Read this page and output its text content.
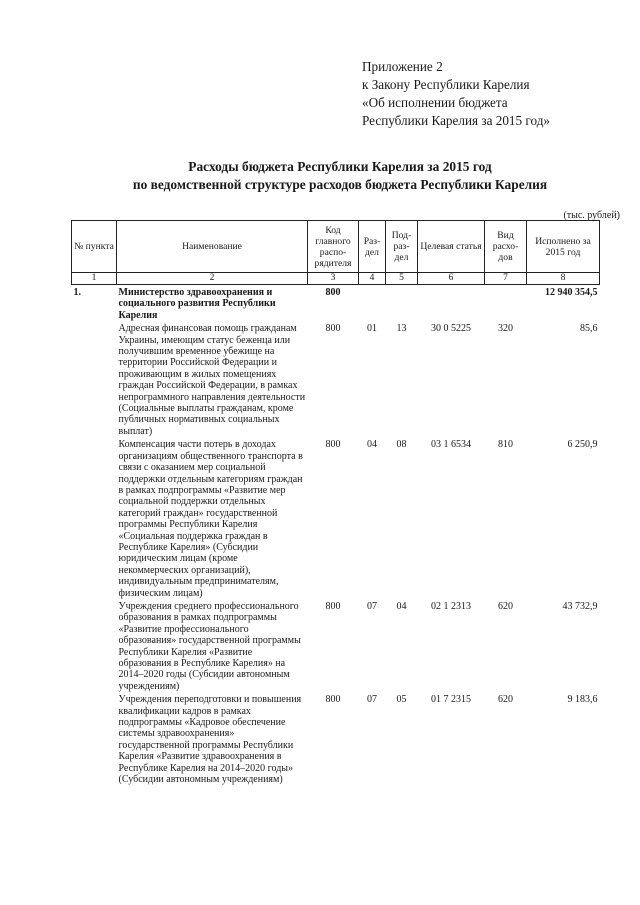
Приложение 2
к Закону Республики Карелия
«Об исполнении бюджета
Республики Карелия за 2015 год»
Расходы бюджета Республики Карелия за 2015 год
по ведомственной структуре расходов бюджета Республики Карелия
(тыс. рублей)
№ пункта	Наименование	Код главного распо-рядителя	Раз-дел	Под-раз-дел	Целевая статья	Вид расхо-дов	Исполнено за 2015 год
1	2	3	4	5	6	7	8
1.	Министерство здравоохранения и социального развития Республики Карелия	800					12 940 354,5
	Адресная финансовая помощь гражданам Украины, имеющим статус беженца или получившим временное убежище на территории Российской Федерации и проживающим в жилых помещениях граждан Российской Федерации, в рамках непрограммного направления деятельности (Социальные выплаты гражданам, кроме публичных нормативных социальных выплат)	800	01	13	30 0 5225	320	85,6
	Компенсация части потерь в доходах организациям общественного транспорта в связи с оказанием мер социальной поддержки отдельным категориям граждан в рамках подпрограммы «Развитие мер социальной поддержки отдельных категорий граждан» государственной программы Республики Карелия «Социальная поддержка граждан в Республике Карелия» (Субсидии юридическим лицам (кроме некоммерческих организаций), индивидуальным предпринимателям, физическим лицам)	800	04	08	03 1 6534	810	6 250,9
	Учреждения среднего профессионального образования в рамках подпрограммы «Развитие профессионального образования» государственной программы Республики Карелия «Развитие образования в Республике Карелия» на 2014–2020 годы (Субсидии автономным учреждениям)	800	07	04	02 1 2313	620	43 732,9
	Учреждения переподготовки и повышения квалификации кадров в рамках подпрограммы «Кадровое обеспечение системы здравоохранения» государственной программы Республики Карелия «Развитие здравоохранения в Республике Карелия на 2014–2020 годы» (Субсидии автономным учреждениям)	800	07	05	01 7 2315	620	9 183,6
